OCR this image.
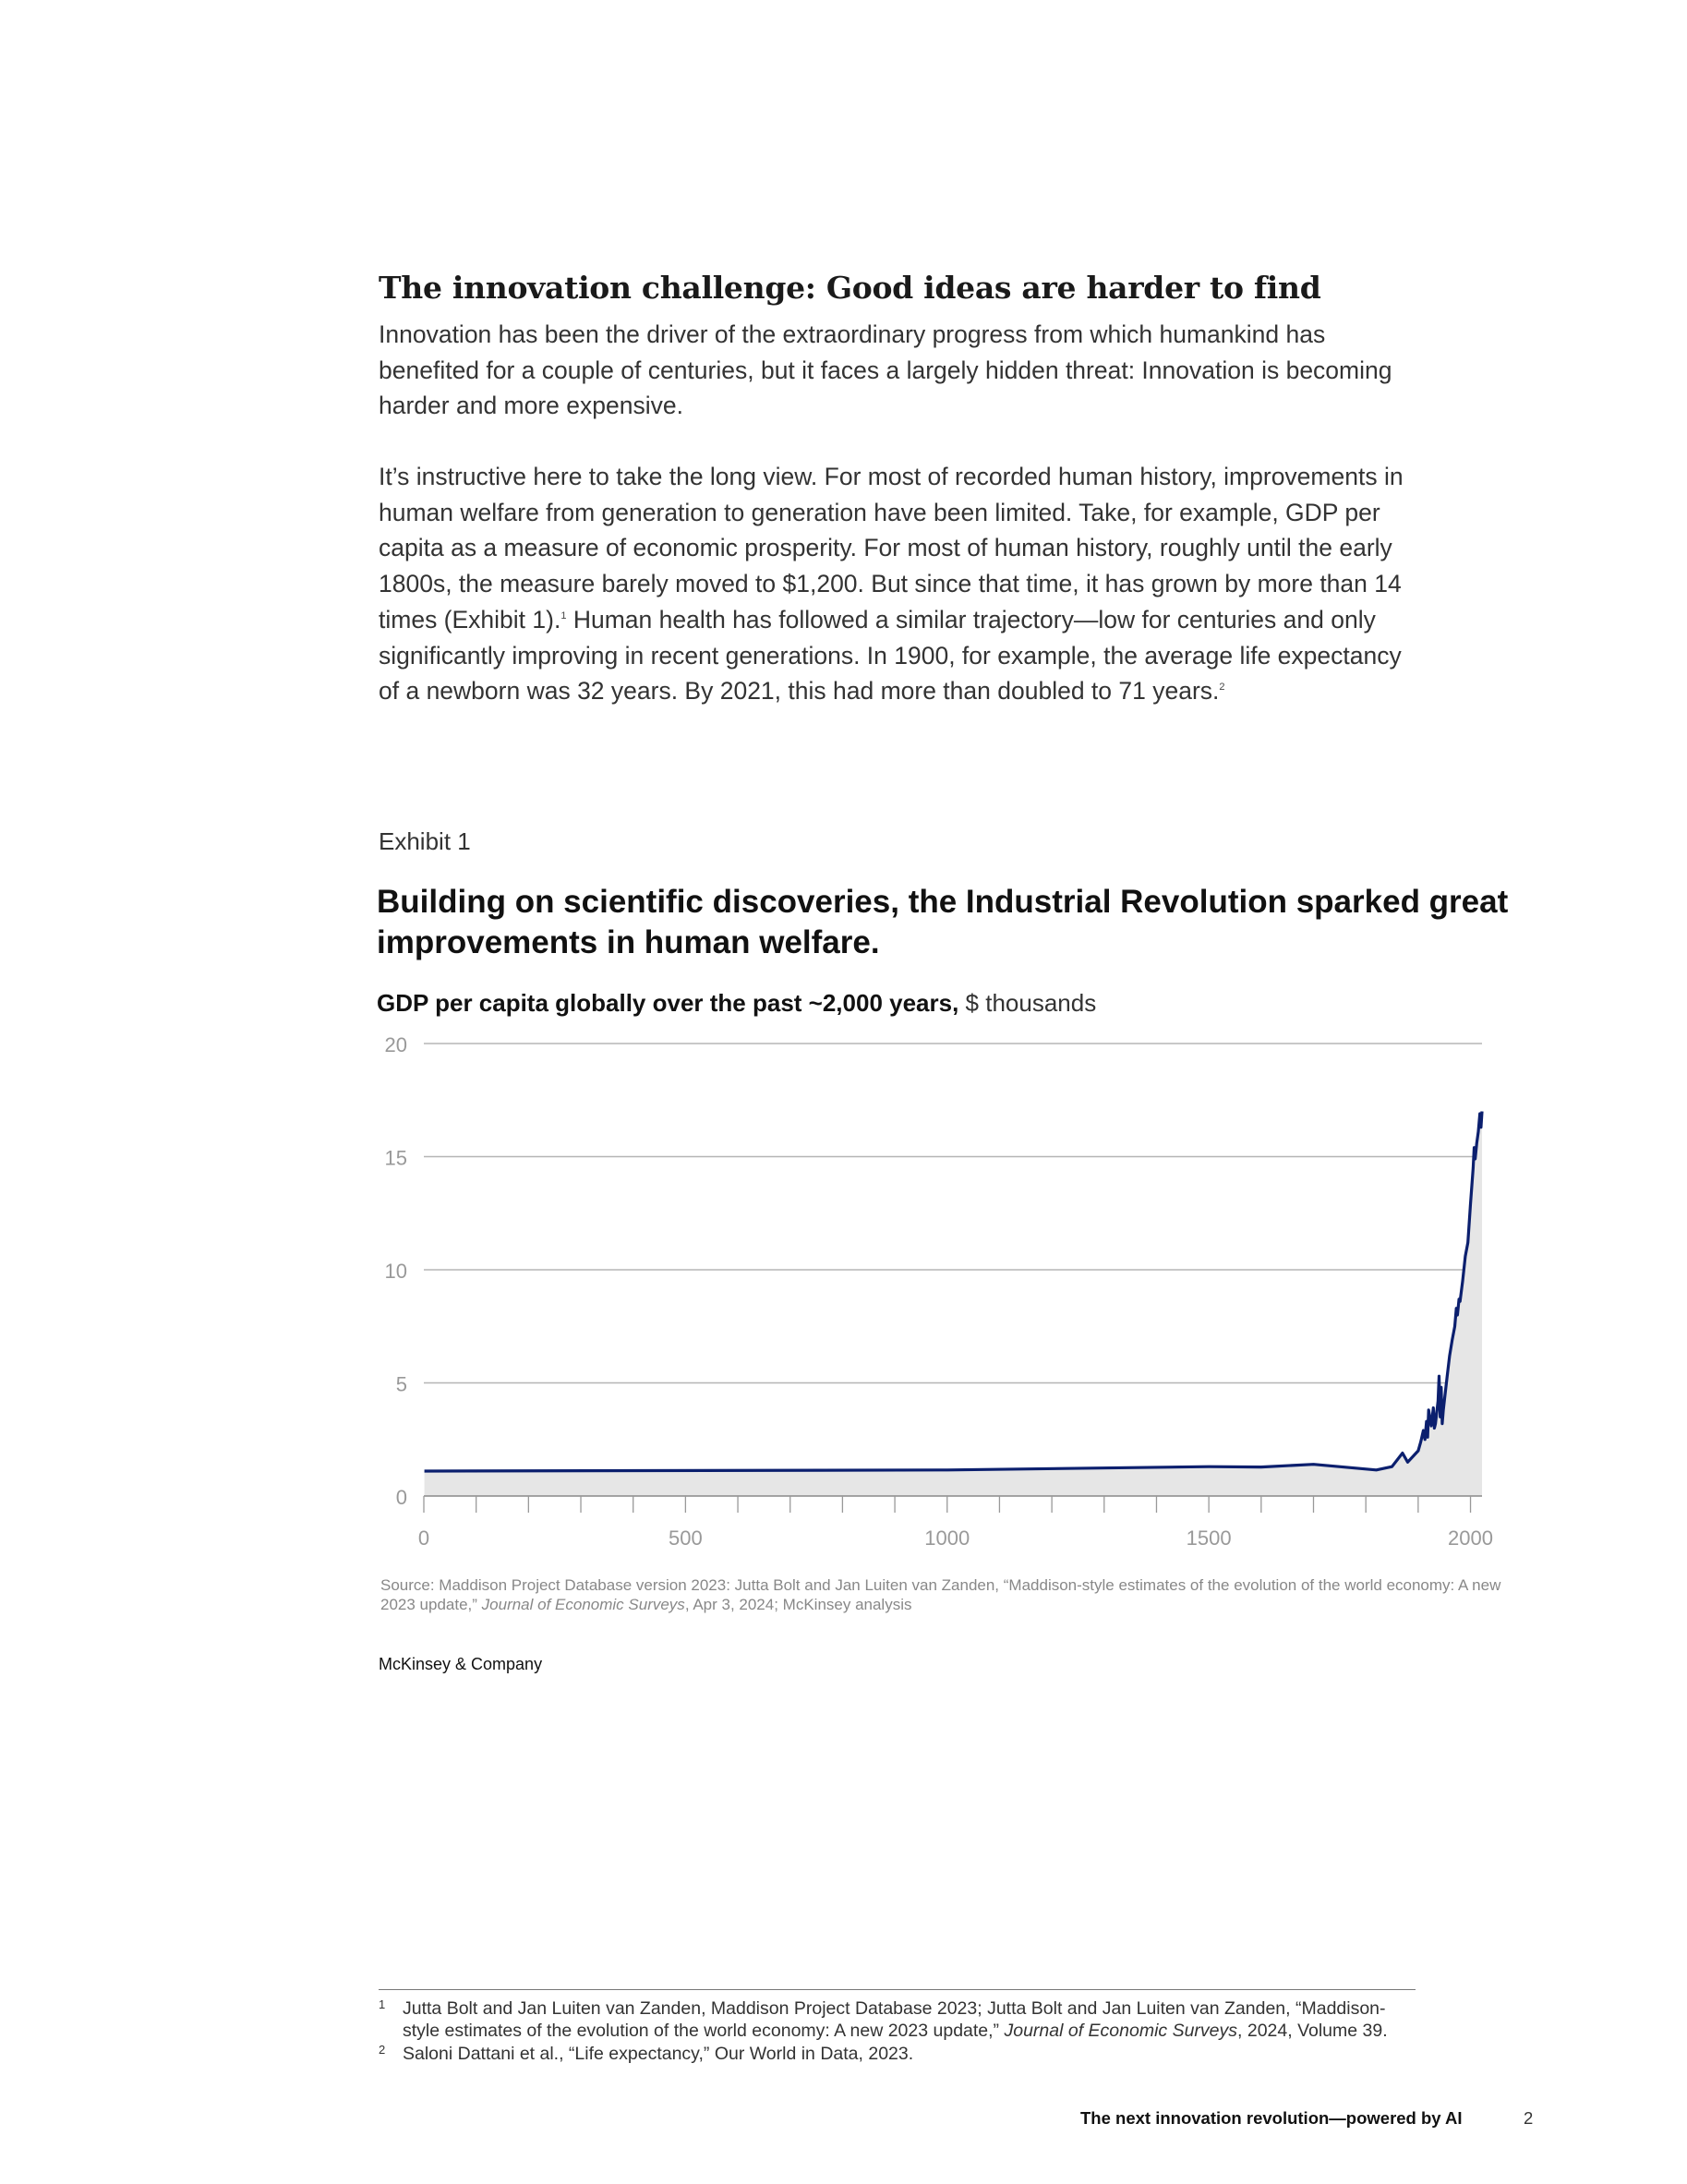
The innovation challenge: Good ideas are harder to find

Innovation has been the driver of the extraordinary progress from which humankind has benefited for a couple of centuries, but it faces a largely hidden threat: Innovation is becoming harder and more expensive.

It’s instructive here to take the long view. For most of recorded human history, improvements in human welfare from generation to generation have been limited. Take, for example, GDP per capita as a measure of economic prosperity. For most of human history, roughly until the early 1800s, the measure barely moved to $1,200. But since that time, it has grown by more than 14 times (Exhibit 1).$^1$ Human health has followed a similar trajectory—low for centuries and only significantly improving in recent generations. In 1900, for example, the average life expectancy of a newborn was 32 years. By 2021, this had more than doubled to 71 years.$^2$

Exhibit 1
Building on scientific discoveries, the Industrial Revolution sparked great improvements in human welfare.
GDP per capita globally over the past ~2,000 years, $ thousands
0
5
10
15
20
0	500	1000	1500	2000

Source: Maddison Project Database version 2023: Jutta Bolt and Jan Luiten van Zanden, “Maddison-style estimates of the evolution of the world economy: A new 2023 update,” Journal of Economic Surveys, Apr 3, 2024; McKinsey analysis

McKinsey & Company
1 Jutta Bolt and Jan Luiten van Zanden, Maddison Project Database 2023; Jutta Bolt and Jan Luiten van Zanden, “Maddison-style estimates of the evolution of the world economy: A new 2023 update,” Journal of Economic Surveys, 2024, Volume 39.
2 Saloni Dattani et al., “Life expectancy,” Our World in Data, 2023.
The next innovation revolution—powered by AI	2
